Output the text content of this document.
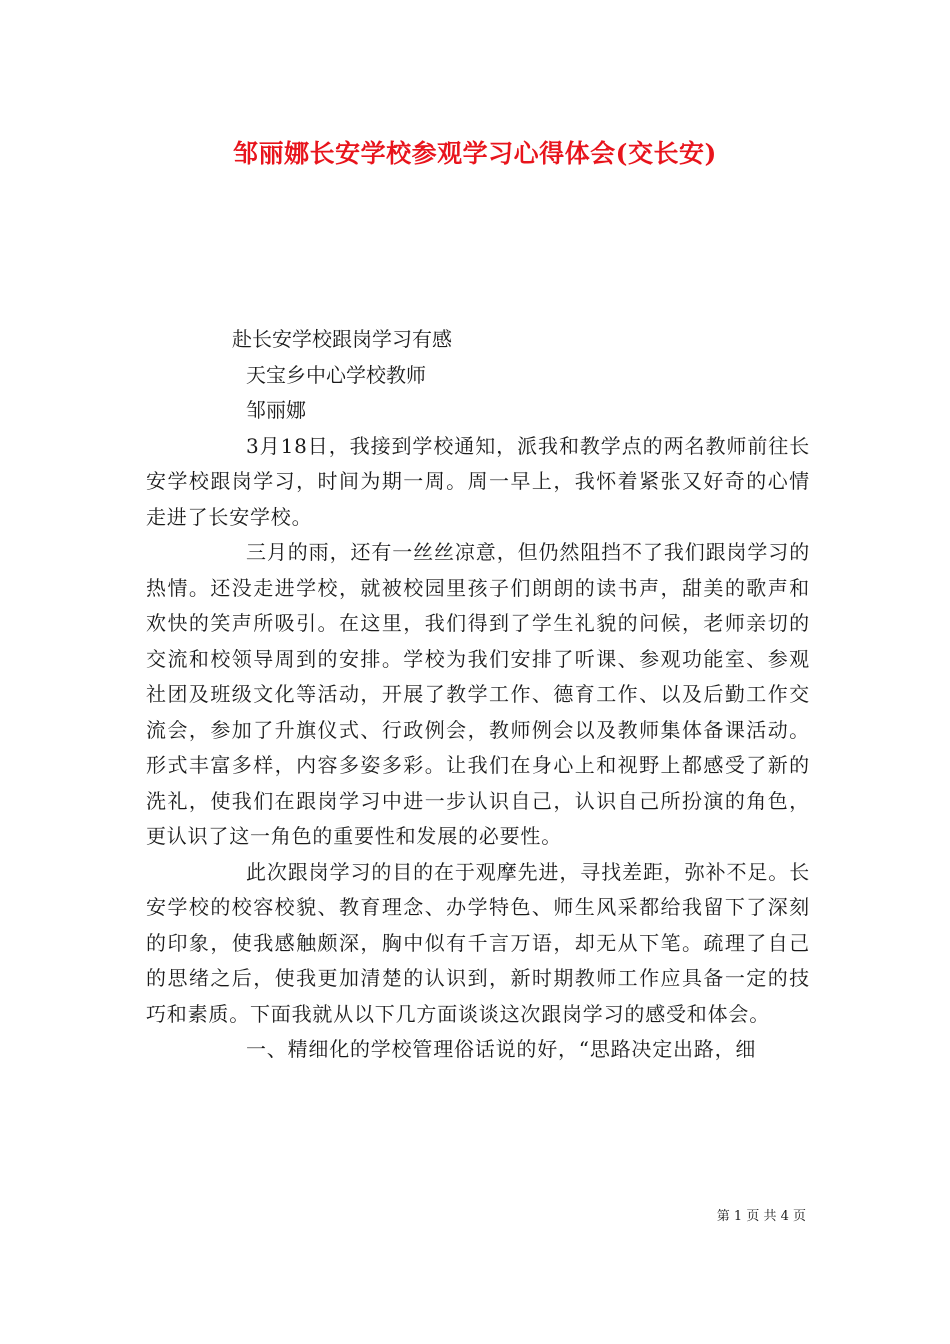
邹丽娜长安学校参观学习心得体会(交长安)
赴长安学校跟岗学习有感
天宝乡中心学校教师
邹丽娜

3月18日，我接到学校通知，派我和教学点的两名教师前往长安学校跟岗学习，时间为期一周。周一早上，我怀着紧张又好奇的心情走进了长安学校。

三月的雨，还有一丝丝凉意，但仍然阻挡不了我们跟岗学习的热情。还没走进学校，就被校园里孩子们朗朗的读书声，甜美的歌声和欢快的笑声所吸引。在这里，我们得到了学生礼貌的问候，老师亲切的交流和校领导周到的安排。学校为我们安排了听课、参观功能室、参观社团及班级文化等活动，开展了教学工作、德育工作、以及后勤工作交流会，参加了升旗仪式、行政例会，教师例会以及教师集体备课活动。形式丰富多样，内容多姿多彩。让我们在身心上和视野上都感受了新的洗礼，使我们在跟岗学习中进一步认识自己，认识自己所扮演的角色，更认识了这一角色的重要性和发展的必要性。

此次跟岗学习的目的在于观摩先进，寻找差距，弥补不足。长安学校的校容校貌、教育理念、办学特色、师生风采都给我留下了深刻的印象，使我感触颇深，胸中似有千言万语，却无从下笔。疏理了自己的思绪之后，使我更加清楚的认识到，新时期教师工作应具备一定的技巧和素质。下面我就从以下几方面谈谈这次跟岗学习的感受和体会。

一、精细化的学校管理俗话说的好，“思路决定出路，细

第 1 页 共 4 页
